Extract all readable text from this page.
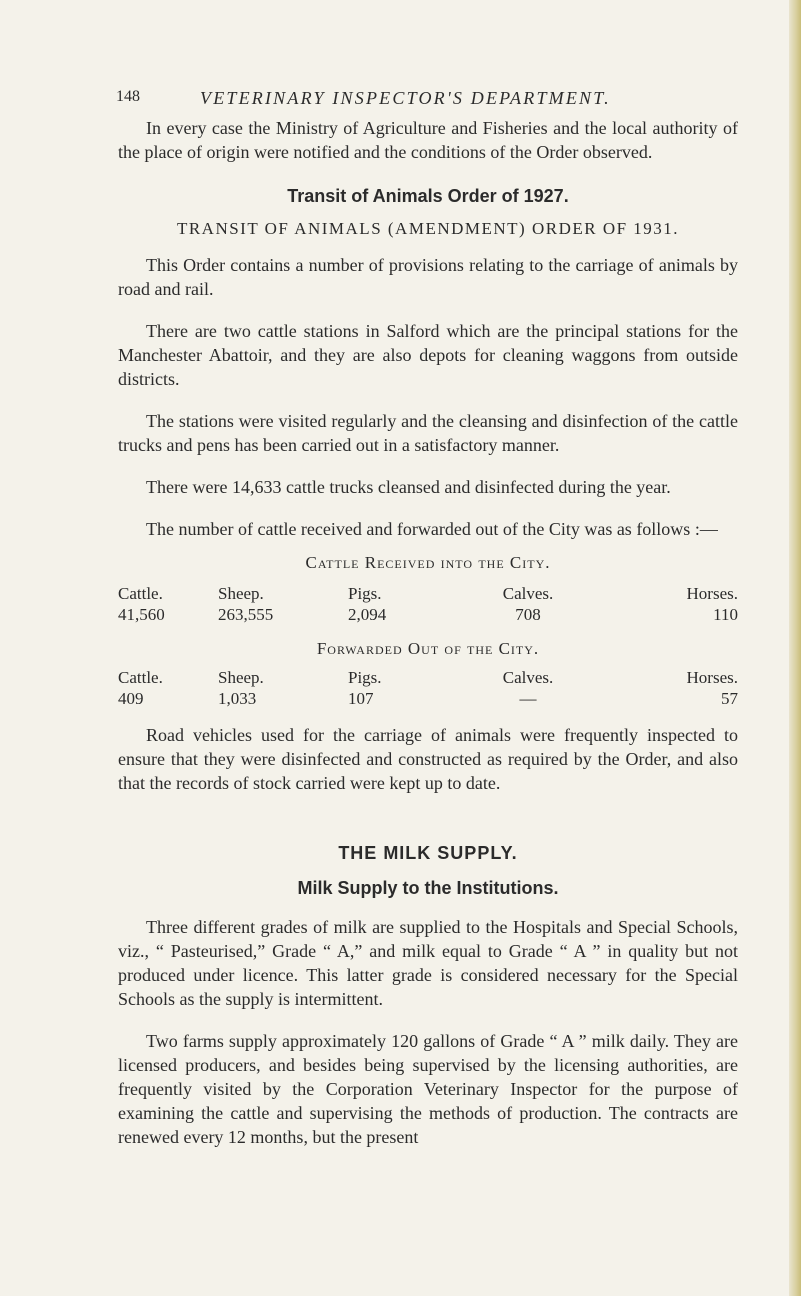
148	VETERINARY INSPECTOR'S DEPARTMENT.

In every case the Ministry of Agriculture and Fisheries and the local authority of the place of origin were notified and the conditions of the Order observed.

Transit of Animals Order of 1927.
TRANSIT OF ANIMALS (AMENDMENT) ORDER OF 1931.

This Order contains a number of provisions relating to the carriage of animals by road and rail.

There are two cattle stations in Salford which are the principal stations for the Manchester Abattoir, and they are also depots for cleaning waggons from outside districts.

The stations were visited regularly and the cleansing and disinfection of the cattle trucks and pens has been carried out in a satisfactory manner.

There were 14,633 cattle trucks cleansed and disinfected during the year.

The number of cattle received and forwarded out of the City was as follows :—

Cattle Received into the City.
Cattle.	Sheep.	Pigs.	Calves.	Horses.
41,560	263,555	2,094	708	110
Forwarded Out of the City.
Cattle.	Sheep.	Pigs.	Calves.	Horses.
409	1,033	107	—	57

Road vehicles used for the carriage of animals were frequently inspected to ensure that they were disinfected and constructed as required by the Order, and also that the records of stock carried were kept up to date.

THE MILK SUPPLY.
Milk Supply to the Institutions.

Three different grades of milk are supplied to the Hospitals and Special Schools, viz., “ Pasteurised,” Grade “ A,” and milk equal to Grade “ A ” in quality but not produced under licence. This latter grade is considered necessary for the Special Schools as the supply is intermittent.

Two farms supply approximately 120 gallons of Grade “ A ” milk daily. They are licensed producers, and besides being supervised by the licensing authorities, are frequently visited by the Corporation Veterinary Inspector for the purpose of examining the cattle and supervising the methods of production. The contracts are renewed every 12 months, but the present
